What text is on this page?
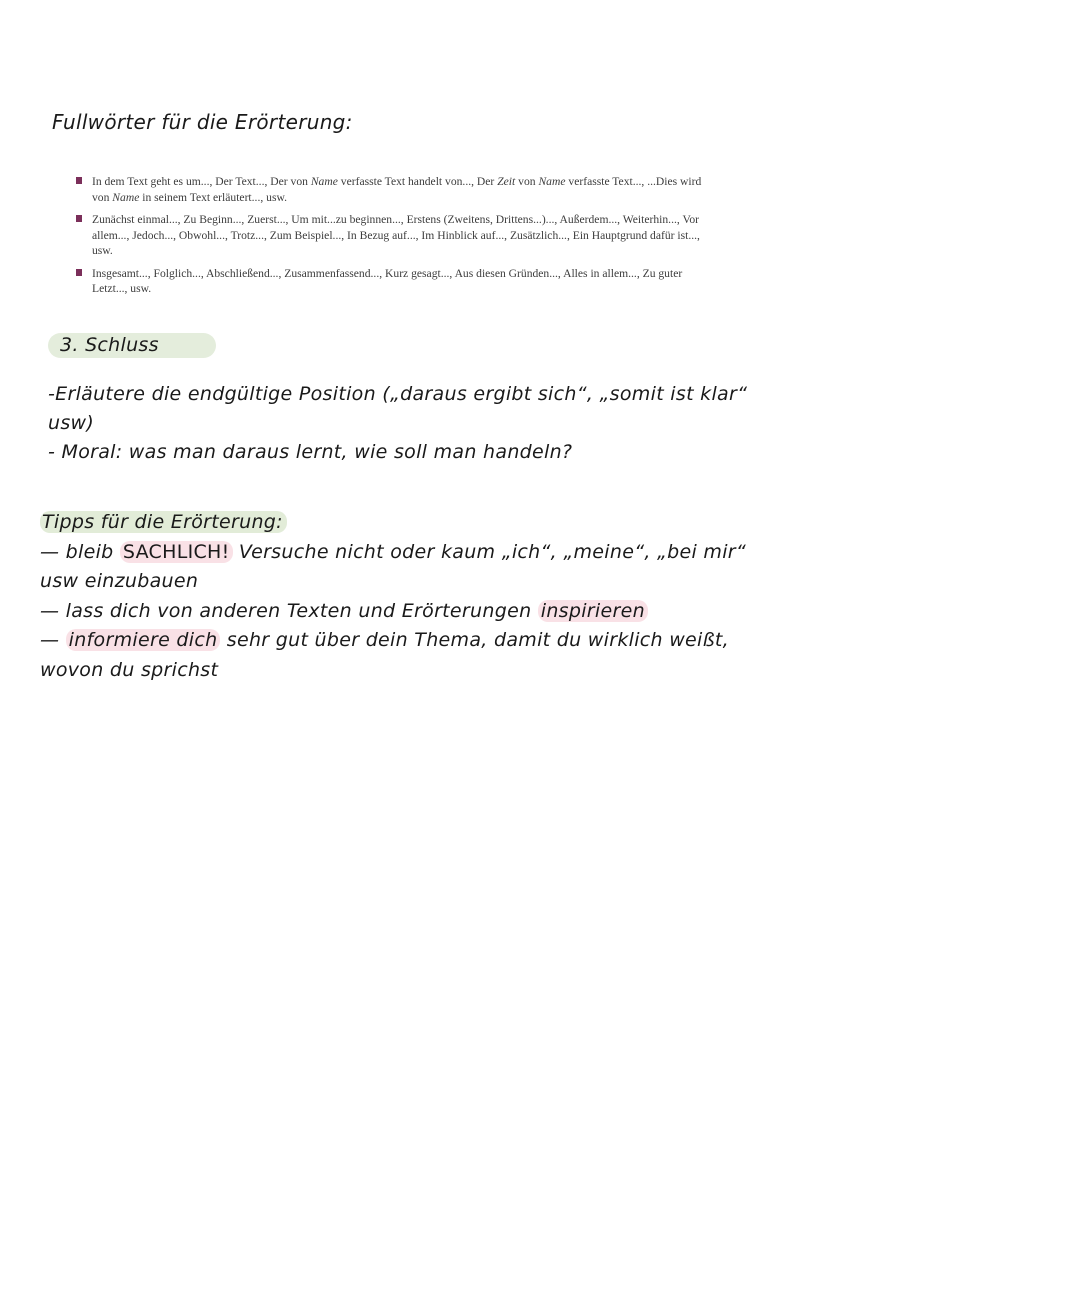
Fullwörter für die Erörterung:
In dem Text geht es um..., Der Text..., Der von Name verfasste Text handelt von..., Der Zeit von Name verfasste Text..., ...Dies wird von Name in seinem Text erläutert..., usw.
Zunächst einmal..., Zu Beginn..., Zuerst..., Um mit...zu beginnen..., Erstens (Zweitens, Drittens...)..., Außerdem..., Weiterhin..., Vor allem..., Jedoch..., Obwohl..., Trotz..., Zum Beispiel..., In Bezug auf..., Im Hinblick auf..., Zusätzlich..., Ein Hauptgrund dafür ist..., usw.
Insgesamt..., Folglich..., Abschließend..., Zusammenfassend..., Kurz gesagt..., Aus diesen Gründen..., Alles in allem..., Zu guter Letzt..., usw.
3. Schluss

-Erläutere die endgültige Position („daraus ergibt sich“, „somit ist klar“ usw)

- Moral: was man daraus lernt, wie soll man handeln?

Tipps für die Erörterung:

— bleib SACHLICH! Versuche nicht oder kaum „ich“, „meine“, „bei mir“ usw einzubauen

— lass dich von anderen Texten und Erörterungen inspirieren

— informiere dich sehr gut über dein Thema, damit du wirklich weißt, wovon du sprichst
